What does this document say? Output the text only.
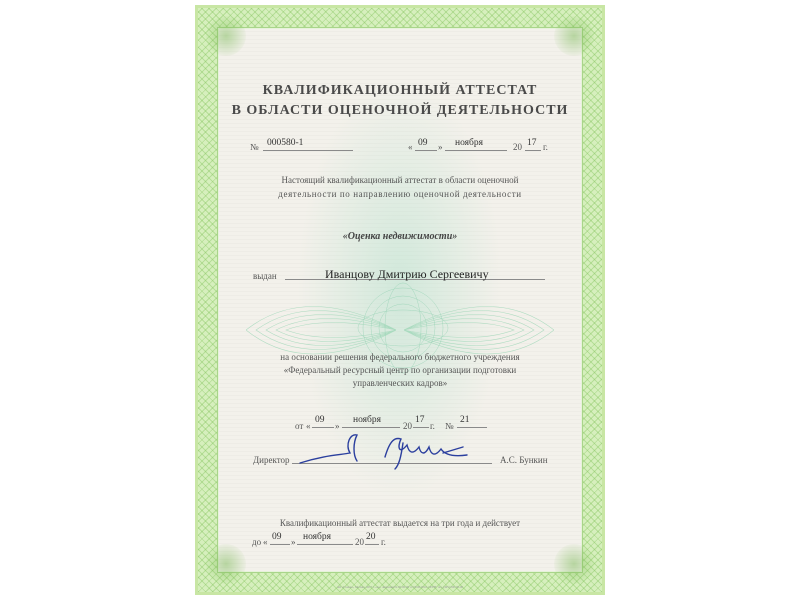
КВАЛИФИКАЦИОННЫЙ АТТЕСТАТ
В ОБЛАСТИ ОЦЕНОЧНОЙ ДЕЯТЕЛЬНОСТИ
№ 000580-1	« 09 » ноября	20 17 г.
Настоящий квалификационный аттестат в области оценочной
деятельности по направлению оценочной деятельности
«Оценка недвижимости»
выдан	Иванцову Дмитрию Сергеевичу
на основании решения федерального бюджетного учреждения
«Федеральный ресурсный центр по организации подготовки
управленческих кадров»
от «
09
»
ноября
20
17
г. №
21
Директор	А.С. Бункин
Квалификационный аттестат выдается на три года и действует
до « 09 » ноября	20 20 г.
АО «Гознак», Москва, 2017 г. «А», лицензия № 00-00-00 от 00.00.2016. ОГРН, тел. (495) 000-00-00
